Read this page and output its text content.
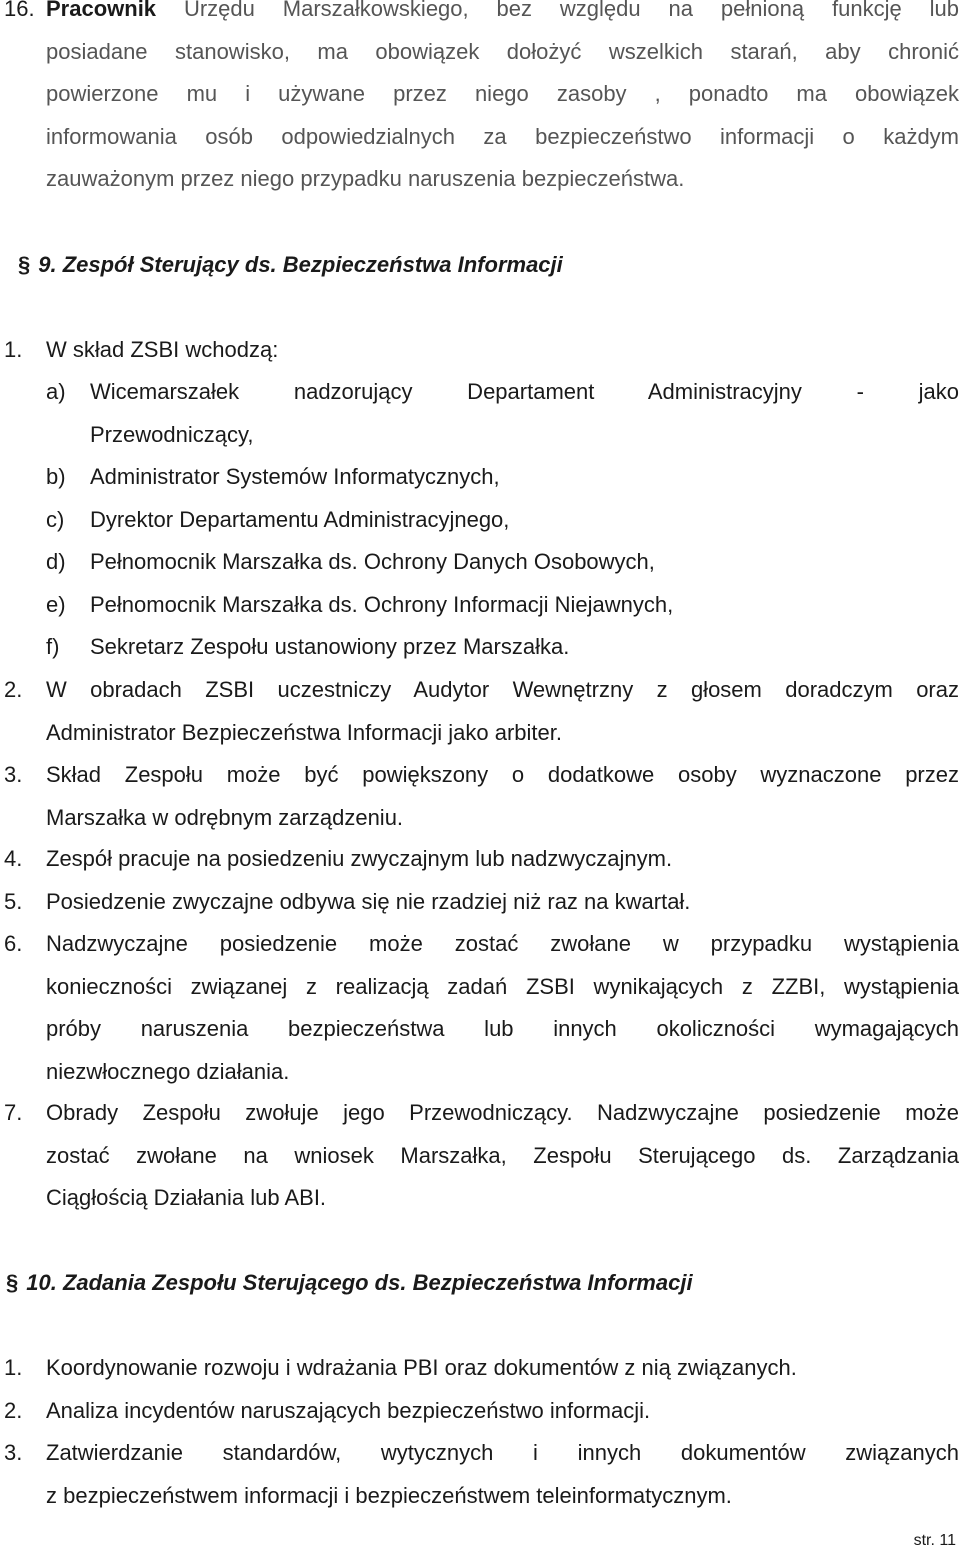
16. Pracownik Urzędu Marszałkowskiego, bez względu na pełnioną funkcję lub
posiadane stanowisko, ma obowiązek dołożyć wszelkich starań, aby chronić
powierzone mu i używane przez niego zasoby , ponadto ma obowiązek
informowania osób odpowiedzialnych za bezpieczeństwo informacji o każdym
zauważonym przez niego przypadku naruszenia bezpieczeństwa.
§ 9. Zespół Sterujący ds. Bezpieczeństwa Informacji
1. W skład ZSBI wchodzą:
a) Wicemarszałek nadzorujący Departament Administracyjny - jako
Przewodniczący,
b) Administrator Systemów Informatycznych,
c) Dyrektor Departamentu Administracyjnego,
d) Pełnomocnik Marszałka ds. Ochrony Danych Osobowych,
e) Pełnomocnik Marszałka ds. Ochrony Informacji Niejawnych,
f) Sekretarz Zespołu ustanowiony przez Marszałka.
2. W obradach ZSBI uczestniczy Audytor Wewnętrzny z głosem doradczym oraz
Administrator Bezpieczeństwa Informacji jako arbiter.
3. Skład Zespołu może być powiększony o dodatkowe osoby wyznaczone przez
Marszałka w odrębnym zarządzeniu.
4. Zespół pracuje na posiedzeniu zwyczajnym lub nadzwyczajnym.
5. Posiedzenie zwyczajne odbywa się nie rzadziej niż raz na kwartał.
6. Nadzwyczajne posiedzenie może zostać zwołane w przypadku wystąpienia
konieczności związanej z realizacją zadań ZSBI wynikających z ZZBI, wystąpienia
próby naruszenia bezpieczeństwa lub innych okoliczności wymagających
niezwłocznego działania.
7. Obrady Zespołu zwołuje jego Przewodniczący. Nadzwyczajne posiedzenie może
zostać zwołane na wniosek Marszałka, Zespołu Sterującego ds. Zarządzania
Ciągłością Działania lub ABI.
§ 10. Zadania Zespołu Sterującego ds. Bezpieczeństwa Informacji
1. Koordynowanie rozwoju i wdrażania PBI oraz dokumentów z nią związanych.
2. Analiza incydentów naruszających bezpieczeństwo informacji.
3. Zatwierdzanie standardów, wytycznych i innych dokumentów związanych
z bezpieczeństwem informacji i bezpieczeństwem teleinformatycznym.
str. 11
